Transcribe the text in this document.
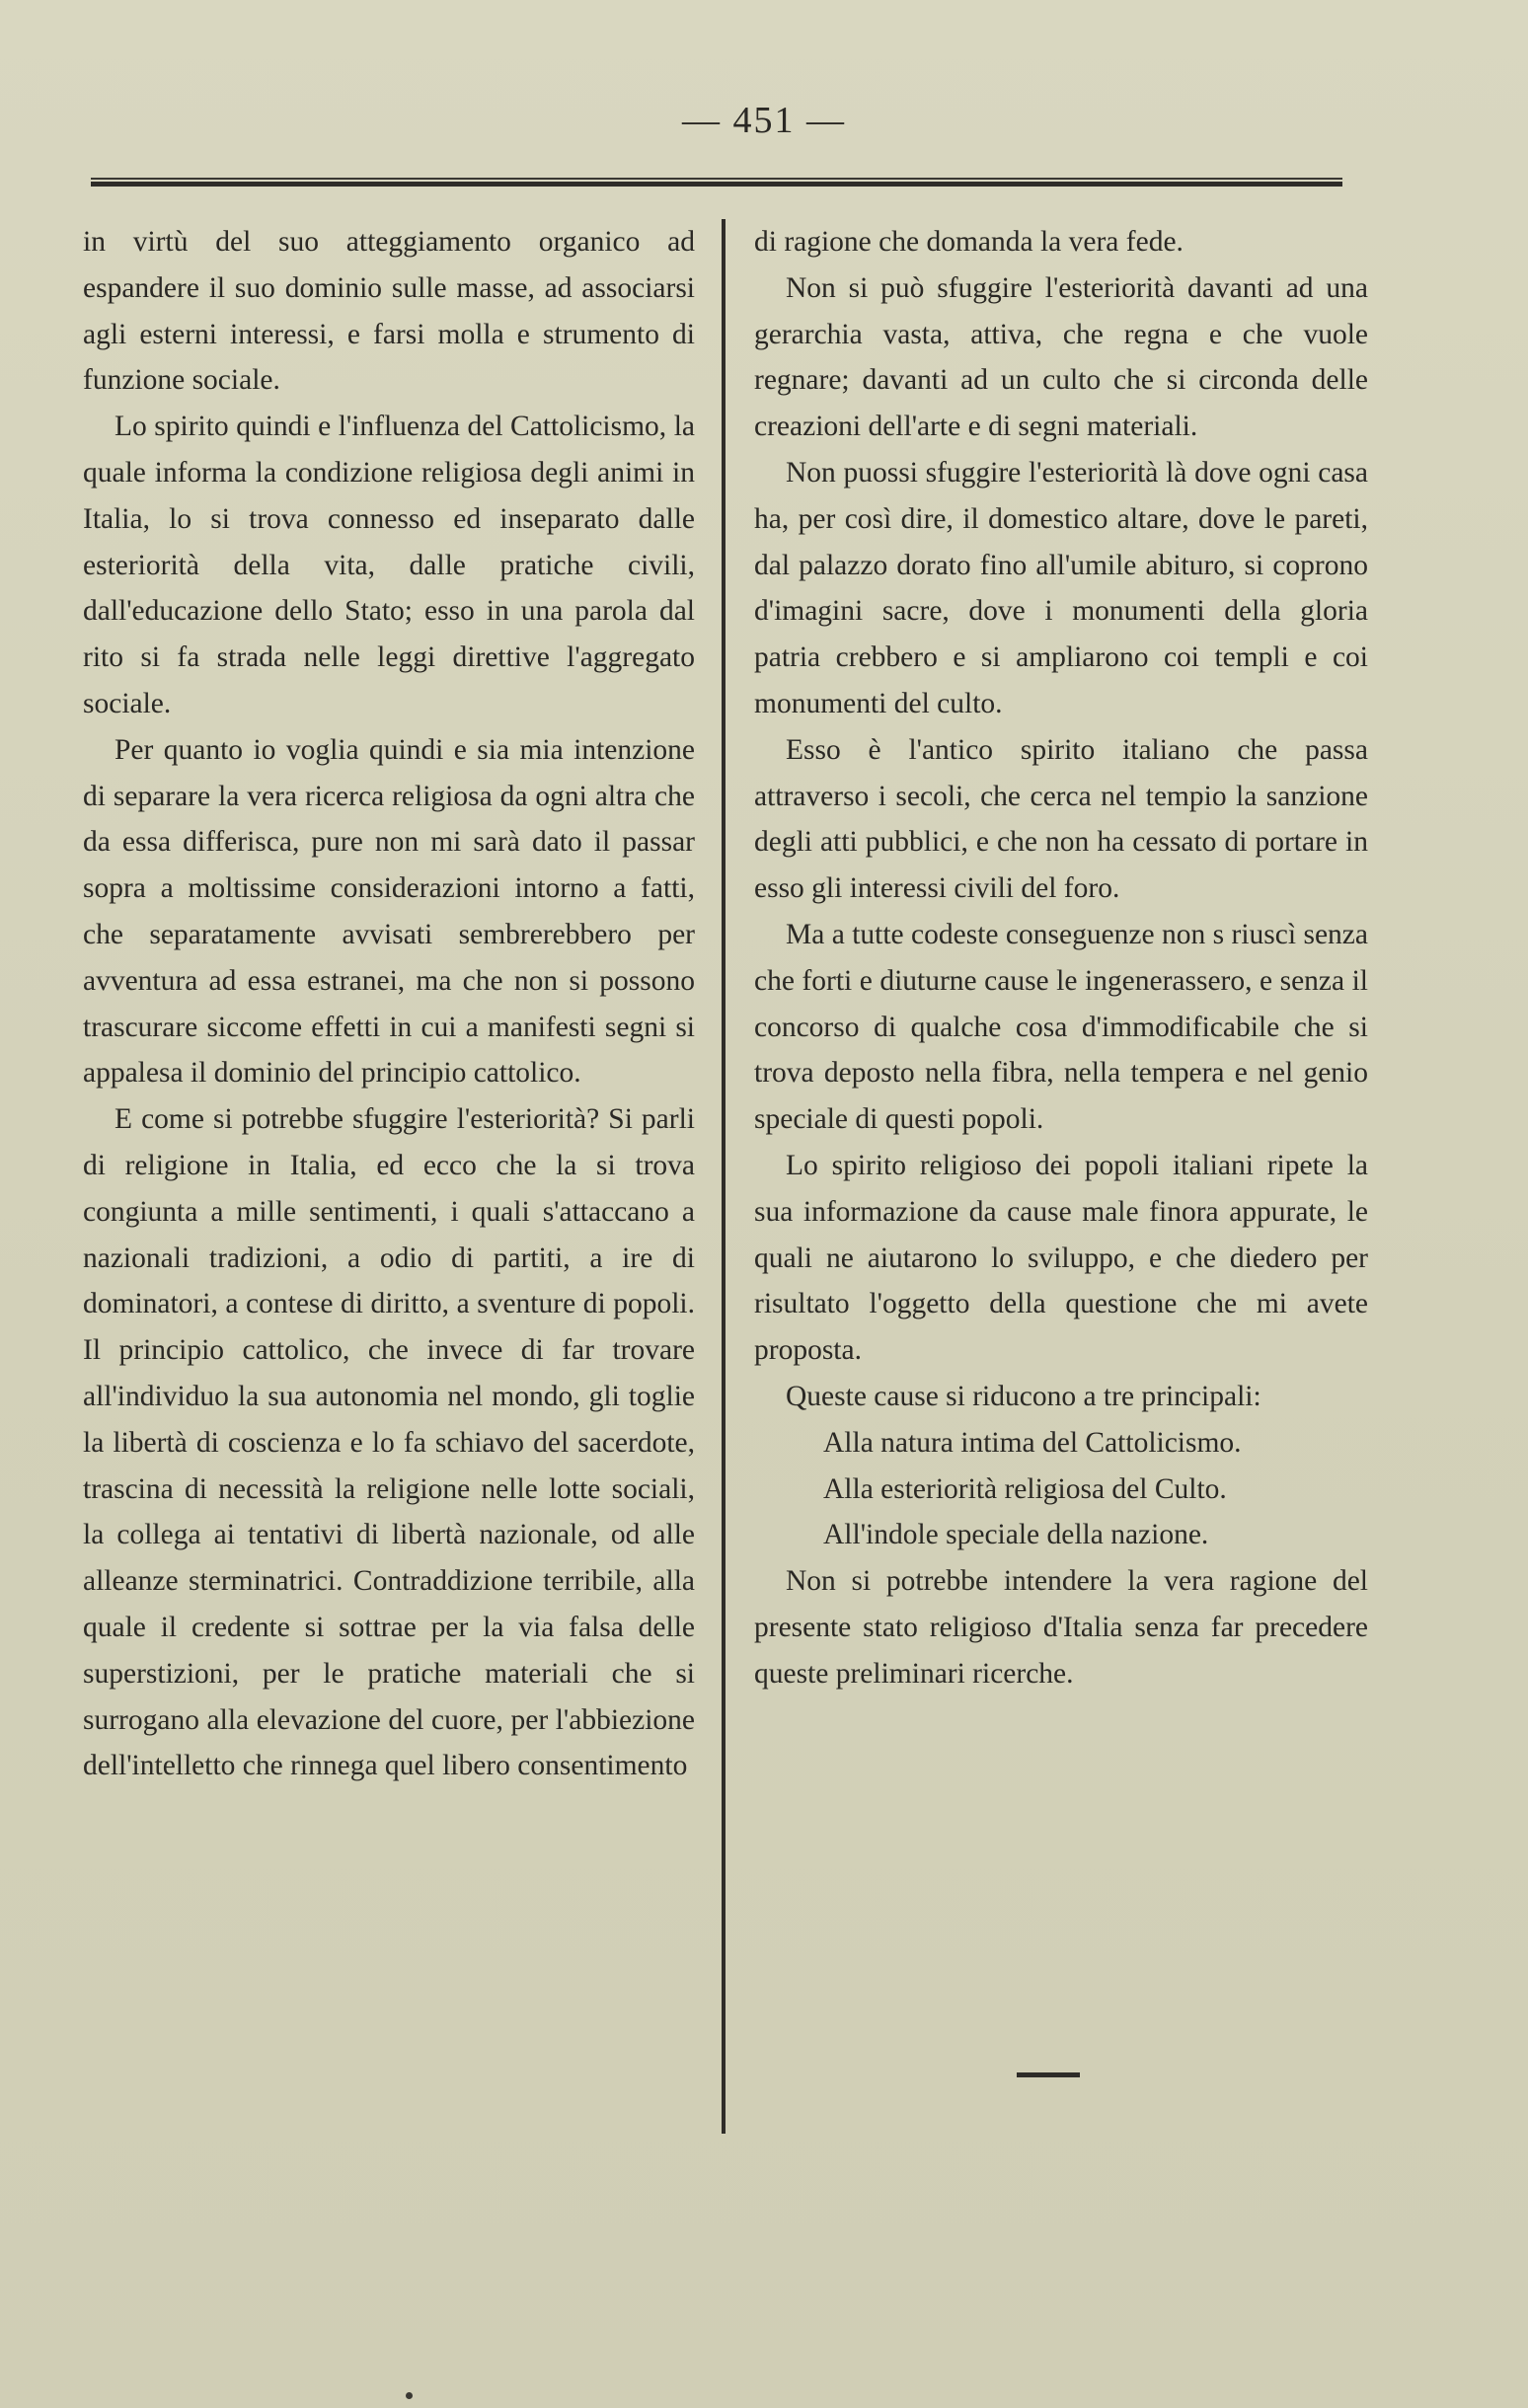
— 451 —

in virtù del suo atteggiamento organico ad espandere il suo dominio sulle masse, ad associarsi agli esterni interessi, e farsi molla e strumento di funzione sociale.

Lo spirito quindi e l'influenza del Cattolicismo, la quale informa la condizione religiosa degli animi in Italia, lo si trova connesso ed inseparato dalle esteriorità della vita, dalle pratiche civili, dall'educazione dello Stato; esso in una parola dal rito si fa strada nelle leggi direttive l'aggregato sociale.

Per quanto io voglia quindi e sia mia intenzione di separare la vera ricerca religiosa da ogni altra che da essa differisca, pure non mi sarà dato il passar sopra a moltissime considerazioni intorno a fatti, che separatamente avvisati sembrerebbero per avventura ad essa estranei, ma che non si possono trascurare siccome effetti in cui a manifesti segni si appalesa il dominio del principio cattolico.

E come si potrebbe sfuggire l'esteriorità? Si parli di religione in Italia, ed ecco che la si trova congiunta a mille sentimenti, i quali s'attaccano a nazionali tradizioni, a odio di partiti, a ire di dominatori, a contese di diritto, a sventure di popoli. Il principio cattolico, che invece di far trovare all'individuo la sua autonomia nel mondo, gli toglie la libertà di coscienza e lo fa schiavo del sacerdote, trascina di necessità la religione nelle lotte sociali, la collega ai tentativi di libertà nazionale, od alle alleanze sterminatrici. Contraddizione terribile, alla quale il credente si sottrae per la via falsa delle superstizioni, per le pratiche materiali che si surrogano alla elevazione del cuore, per l'abbiezione dell'intelletto che rinnega quel libero consentimento

di ragione che domanda la vera fede.

Non si può sfuggire l'esteriorità davanti ad una gerarchia vasta, attiva, che regna e che vuole regnare; davanti ad un culto che si circonda delle creazioni dell'arte e di segni materiali.

Non puossi sfuggire l'esteriorità là dove ogni casa ha, per così dire, il domestico altare, dove le pareti, dal palazzo dorato fino all'umile abituro, si coprono d'imagini sacre, dove i monumenti della gloria patria crebbero e si ampliarono coi templi e coi monumenti del culto.

Esso è l'antico spirito italiano che passa attraverso i secoli, che cerca nel tempio la sanzione degli atti pubblici, e che non ha cessato di portare in esso gli interessi civili del foro.

Ma a tutte codeste conseguenze non s riuscì senza che forti e diuturne cause le ingenerassero, e senza il concorso di qualche cosa d'immodificabile che si trova deposto nella fibra, nella tempera e nel genio speciale di questi popoli.

Lo spirito religioso dei popoli italiani ripete la sua informazione da cause male finora appurate, le quali ne aiutarono lo sviluppo, e che diedero per risultato l'oggetto della questione che mi avete proposta.

Queste cause si riducono a tre principali:

Alla natura intima del Cattolicismo.

Alla esteriorità religiosa del Culto.

All'indole speciale della nazione.

Non si potrebbe intendere la vera ragione del presente stato religioso d'Italia senza far precedere queste preliminari ricerche.
